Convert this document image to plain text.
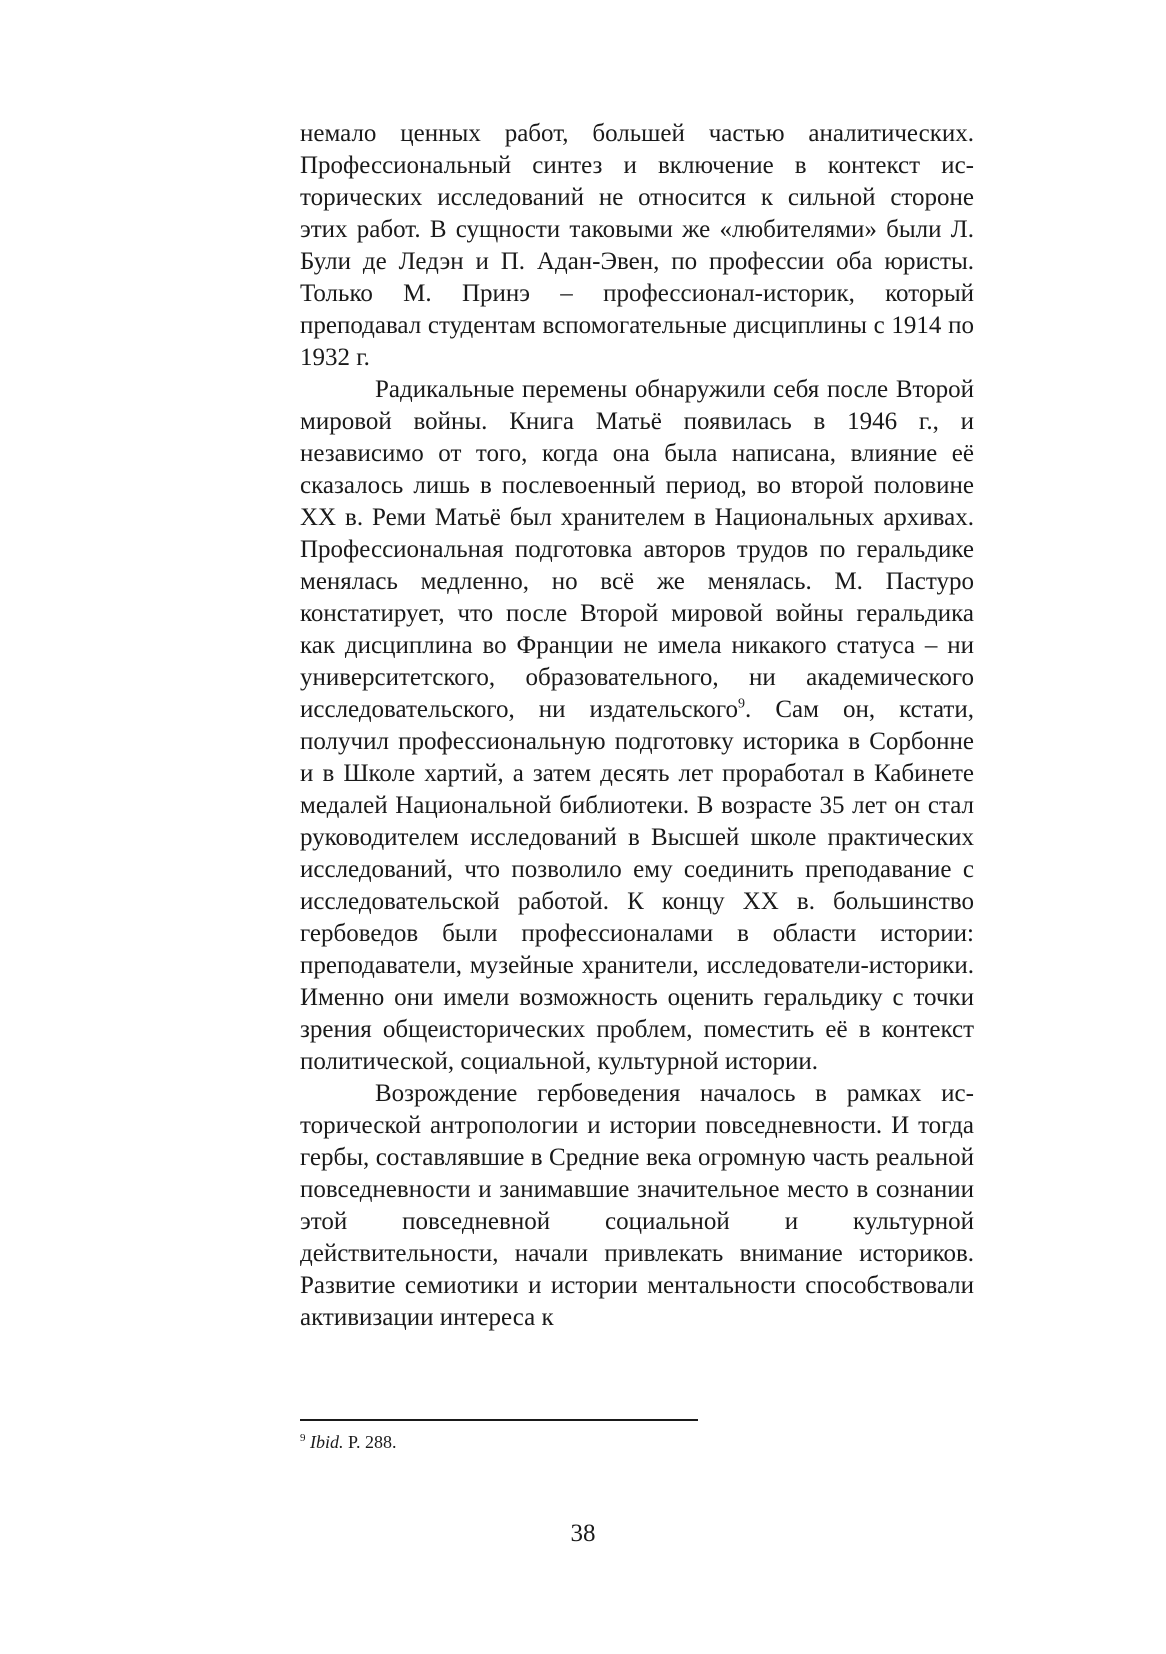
немало ценных работ, большей частью аналитических. Профессиональный синтез и включение в контекст исторических исследований не относится к сильной стороне этих работ. В сущности таковыми же «любителями» были Л. Були де Ледэн и П. Адан-Эвен, по профессии оба юристы. Только М. Принэ – профессионал-историк, который преподавал студентам вспомогательные дисциплины с 1914 по 1932 г.

Радикальные перемены обнаружили себя после Второй мировой войны. Книга Матьё появилась в 1946 г., и независимо от того, когда она была написана, влияние её сказалось лишь в послевоенный период, во второй половине XX в. Реми Матьё был хранителем в Национальных архивах. Профессиональная подготовка авторов трудов по геральдике менялась медленно, но всё же менялась. М. Пастуро констатирует, что после Второй мировой войны геральдика как дисциплина во Франции не имела никакого статуса – ни университетского, образовательного, ни академического исследовательского, ни издательского$^9$. Сам он, кстати, получил профессиональную подготовку историка в Сорбонне и в Школе хартий, а затем десять лет проработал в Кабинете медалей Национальной библиотеки. В возрасте 35 лет он стал руководителем исследований в Высшей школе практических исследований, что позволило ему соединить преподавание с исследовательской работой. К концу XX в. большинство гербоведов были профессионалами в области истории: преподаватели, музейные хранители, исследователи-историки. Именно они имели возможность оценить геральдику с точки зрения общеисторических проблем, поместить её в контекст политической, социальной, культурной истории.

Возрождение гербоведения началось в рамках исторической антропологии и истории повседневности. И тогда гербы, составлявшие в Средние века огромную часть реальной повседневности и занимавшие значительное место в сознании этой повседневной социальной и культурной действительности, начали привлекать внимание историков. Развитие семиотики и истории ментальности способствовали активизации интереса к

$^9$ Ibid. P. 288.
38
